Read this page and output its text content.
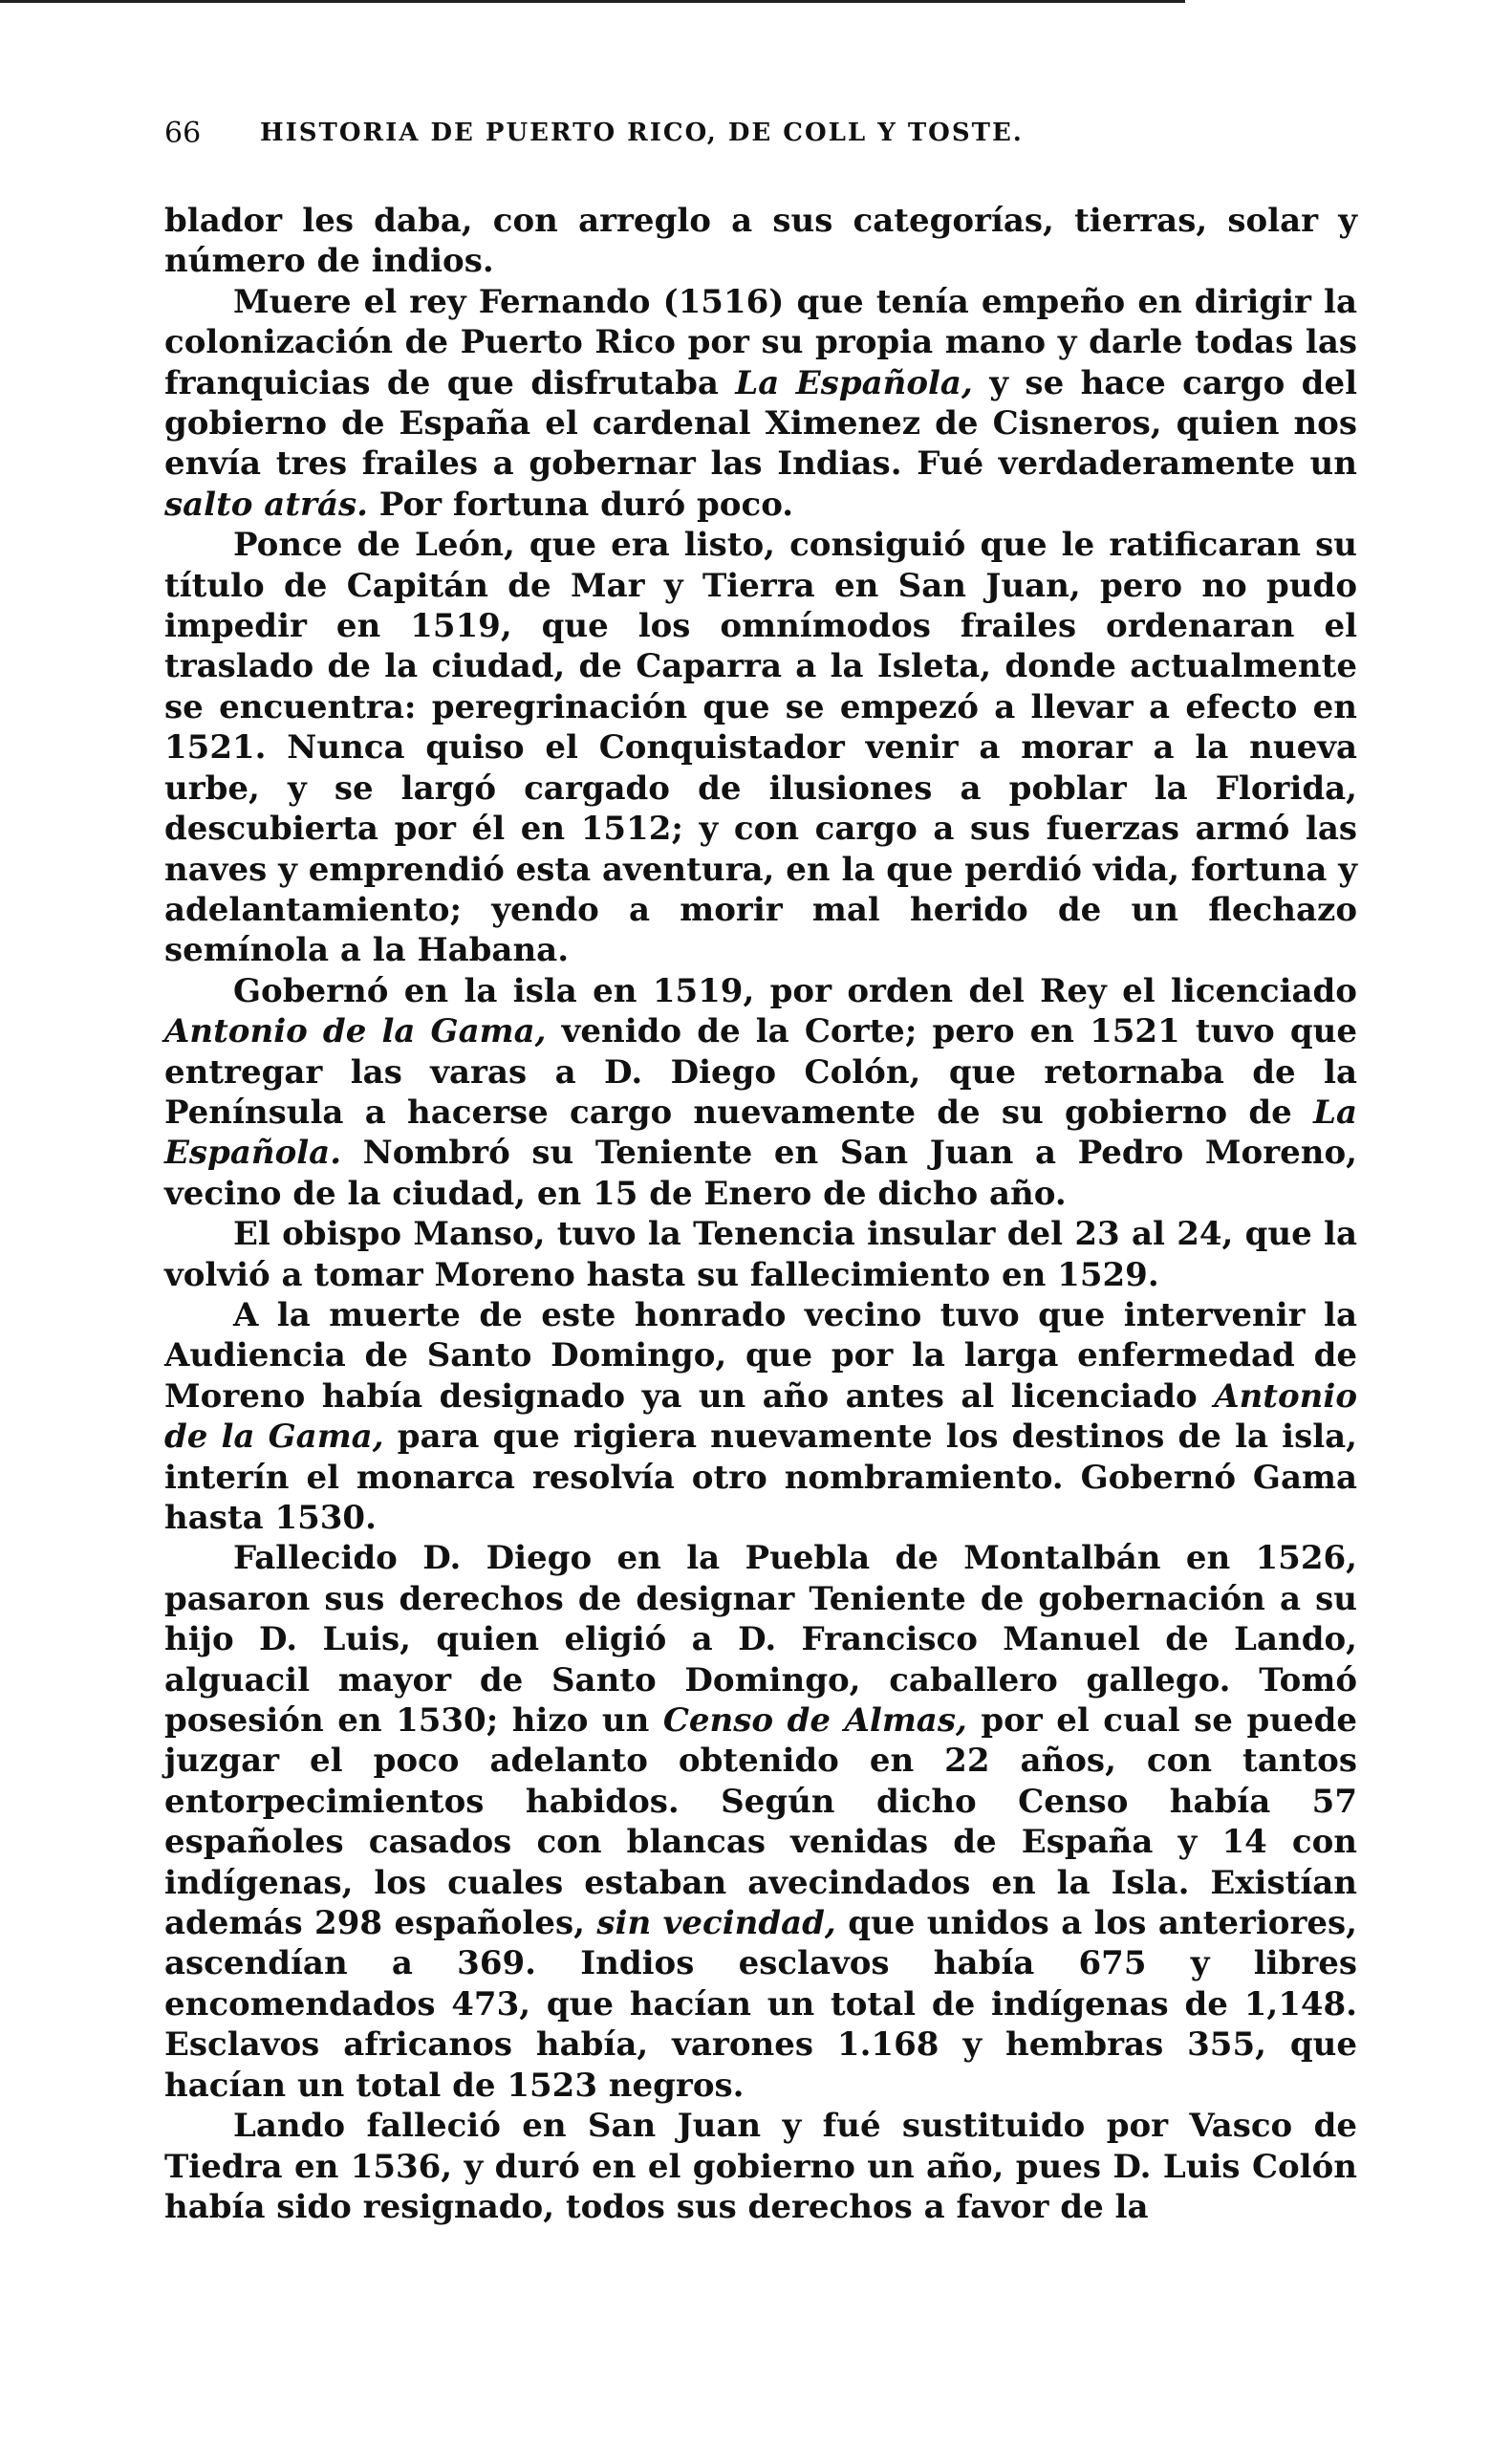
66 HISTORIA DE PUERTO RICO, DE COLL Y TOSTE.

blador les daba, con arreglo a sus categorías, tierras, solar y número de indios.

Muere el rey Fernando (1516) que tenía empeño en dirigir la colonización de Puerto Rico por su propia mano y darle todas las franquicias de que disfrutaba La Española, y se hace cargo del gobierno de España el cardenal Ximenez de Cisneros, quien nos envía tres frailes a gobernar las Indias. Fué verdaderamente un salto atrás. Por fortuna duró poco.

Ponce de León, que era listo, consiguió que le ratificaran su título de Capitán de Mar y Tierra en San Juan, pero no pudo impedir en 1519, que los omnímodos frailes ordenaran el traslado de la ciudad, de Caparra a la Isleta, donde actualmente se encuentra: peregrinación que se empezó a llevar a efecto en 1521. Nunca quiso el Conquistador venir a morar a la nueva urbe, y se largó cargado de ilusiones a poblar la Florida, descubierta por él en 1512; y con cargo a sus fuerzas armó las naves y emprendió esta aventura, en la que perdió vida, fortuna y adelantamiento; yendo a morir mal herido de un flechazo semínola a la Habana.

Gobernó en la isla en 1519, por orden del Rey el licenciado Antonio de la Gama, venido de la Corte; pero en 1521 tuvo que entregar las varas a D. Diego Colón, que retornaba de la Península a hacerse cargo nuevamente de su gobierno de La Española. Nombró su Teniente en San Juan a Pedro Moreno, vecino de la ciudad, en 15 de Enero de dicho año.

El obispo Manso, tuvo la Tenencia insular del 23 al 24, que la volvió a tomar Moreno hasta su fallecimiento en 1529.

A la muerte de este honrado vecino tuvo que intervenir la Audiencia de Santo Domingo, que por la larga enfermedad de Moreno había designado ya un año antes al licenciado Antonio de la Gama, para que rigiera nuevamente los destinos de la isla, interín el monarca resolvía otro nombramiento. Gobernó Gama hasta 1530.

Fallecido D. Diego en la Puebla de Montalbán en 1526, pasaron sus derechos de designar Teniente de gobernación a su hijo D. Luis, quien eligió a D. Francisco Manuel de Lando, alguacil mayor de Santo Domingo, caballero gallego. Tomó posesión en 1530; hizo un Censo de Almas, por el cual se puede juzgar el poco adelanto obtenido en 22 años, con tantos entorpecimientos habidos. Según dicho Censo había 57 españoles casados con blancas venidas de España y 14 con indígenas, los cuales estaban avecindados en la Isla. Existían además 298 españoles, sin vecindad, que unidos a los anteriores, ascendían a 369. Indios esclavos había 675 y libres encomendados 473, que hacían un total de indígenas de 1,148. Esclavos africanos había, varones 1.168 y hembras 355, que hacían un total de 1523 negros.

Lando falleció en San Juan y fué sustituido por Vasco de Tiedra en 1536, y duró en el gobierno un año, pues D. Luis Colón había sido resignado, todos sus derechos a favor de la
